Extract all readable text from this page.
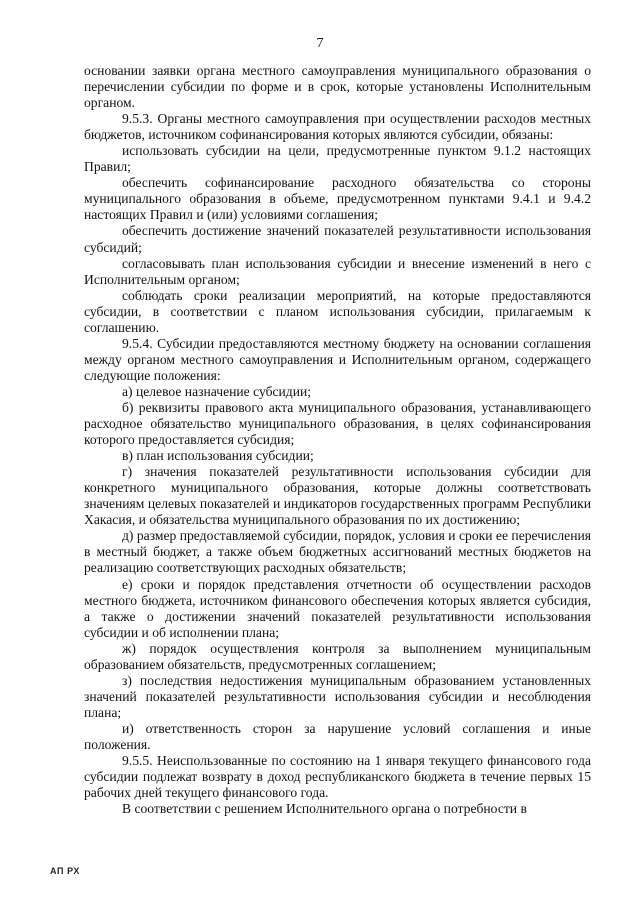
7

основании заявки органа местного самоуправления муниципального образования о перечислении субсидии по форме и в срок, которые установлены Исполнительным органом.

9.5.3. Органы местного самоуправления при осуществлении расходов местных бюджетов, источником софинансирования которых являются субсидии, обязаны:

использовать субсидии на цели, предусмотренные пунктом 9.1.2 настоящих Правил;

обеспечить софинансирование расходного обязательства со стороны муниципального образования в объеме, предусмотренном пунктами 9.4.1 и 9.4.2 настоящих Правил и (или) условиями соглашения;

обеспечить достижение значений показателей результативности использования субсидий;

согласовывать план использования субсидии и внесение изменений в него с Исполнительным органом;

соблюдать сроки реализации мероприятий, на которые предоставляются субсидии, в соответствии с планом использования субсидии, прилагаемым к соглашению.

9.5.4. Субсидии предоставляются местному бюджету на основании соглашения между органом местного самоуправления и Исполнительным органом, содержащего следующие положения:

а) целевое назначение субсидии;

б) реквизиты правового акта муниципального образования, устанавливающего расходное обязательство муниципального образования, в целях софинансирования которого предоставляется субсидия;

в) план использования субсидии;

г) значения показателей результативности использования субсидии для конкретного муниципального образования, которые должны соответствовать значениям целевых показателей и индикаторов государственных программ Республики Хакасия, и обязательства муниципального образования по их достижению;

д) размер предоставляемой субсидии, порядок, условия и сроки ее перечисления в местный бюджет, а также объем бюджетных ассигнований местных бюджетов на реализацию соответствующих расходных обязательств;

е) сроки и порядок представления отчетности об осуществлении расходов местного бюджета, источником финансового обеспечения которых является субсидия, а также о достижении значений показателей результативности использования субсидии и об исполнении плана;

ж) порядок осуществления контроля за выполнением муниципальным образованием обязательств, предусмотренных соглашением;

з) последствия недостижения муниципальным образованием установленных значений показателей результативности использования субсидии и несоблюдения плана;

и) ответственность сторон за нарушение условий соглашения и иные положения.

9.5.5. Неиспользованные по состоянию на 1 января текущего финансового года субсидии подлежат возврату в доход республиканского бюджета в течение первых 15 рабочих дней текущего финансового года.

В соответствии с решением Исполнительного органа о потребности в

АП РХ
